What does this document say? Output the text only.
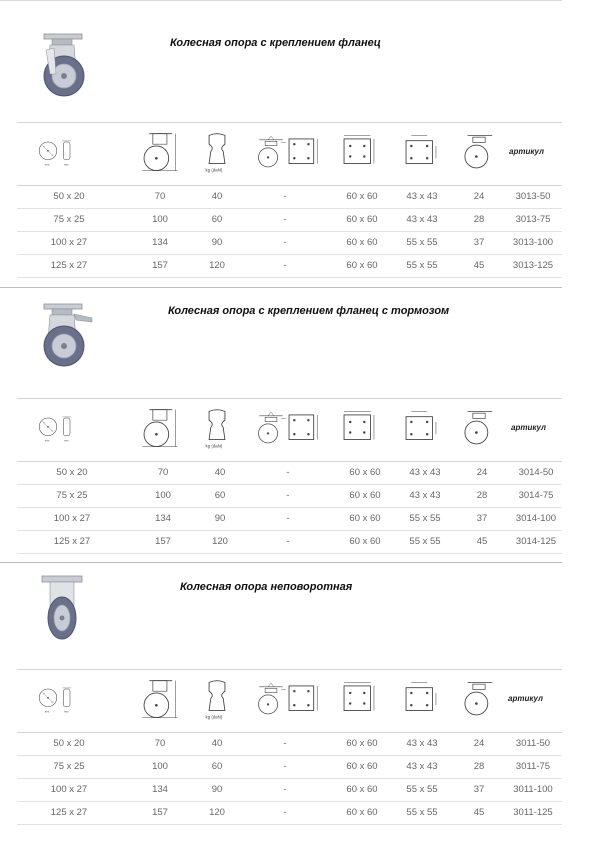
Колесная опора с креплением фланец
mm	mm
kg (daN)
артикул
50 x 20	70	40	-	60 x 60	43 x 43	24	3013-50
75 x 25	100	60	-	60 x 60	43 x 43	28	3013-75
100 x 27	134	90	-	60 x 60	55 x 55	37	3013-100
125 x 27	157	120	-	60 x 60	55 x 55	45	3013-125
Колесная опора с креплением фланец с тормозом
mm	mm
kg (daN)
артикул
50 x 20	70	40	-	60 x 60	43 x 43	24	3014-50
75 x 25	100	60	-	60 x 60	43 x 43	28	3014-75
100 x 27	134	90	-	60 x 60	55 x 55	37	3014-100
125 x 27	157	120	-	60 x 60	55 x 55	45	3014-125
Колесная опора неповоротная
mm	mm
kg (daN)
артикул
50 x 20	70	40	-	60 x 60	43 x 43	24	3011-50
75 x 25	100	60	-	60 x 60	43 x 43	28	3011-75
100 x 27	134	90	-	60 x 60	55 x 55	37	3011-100
125 x 27	157	120	-	60 x 60	55 x 55	45	3011-125
